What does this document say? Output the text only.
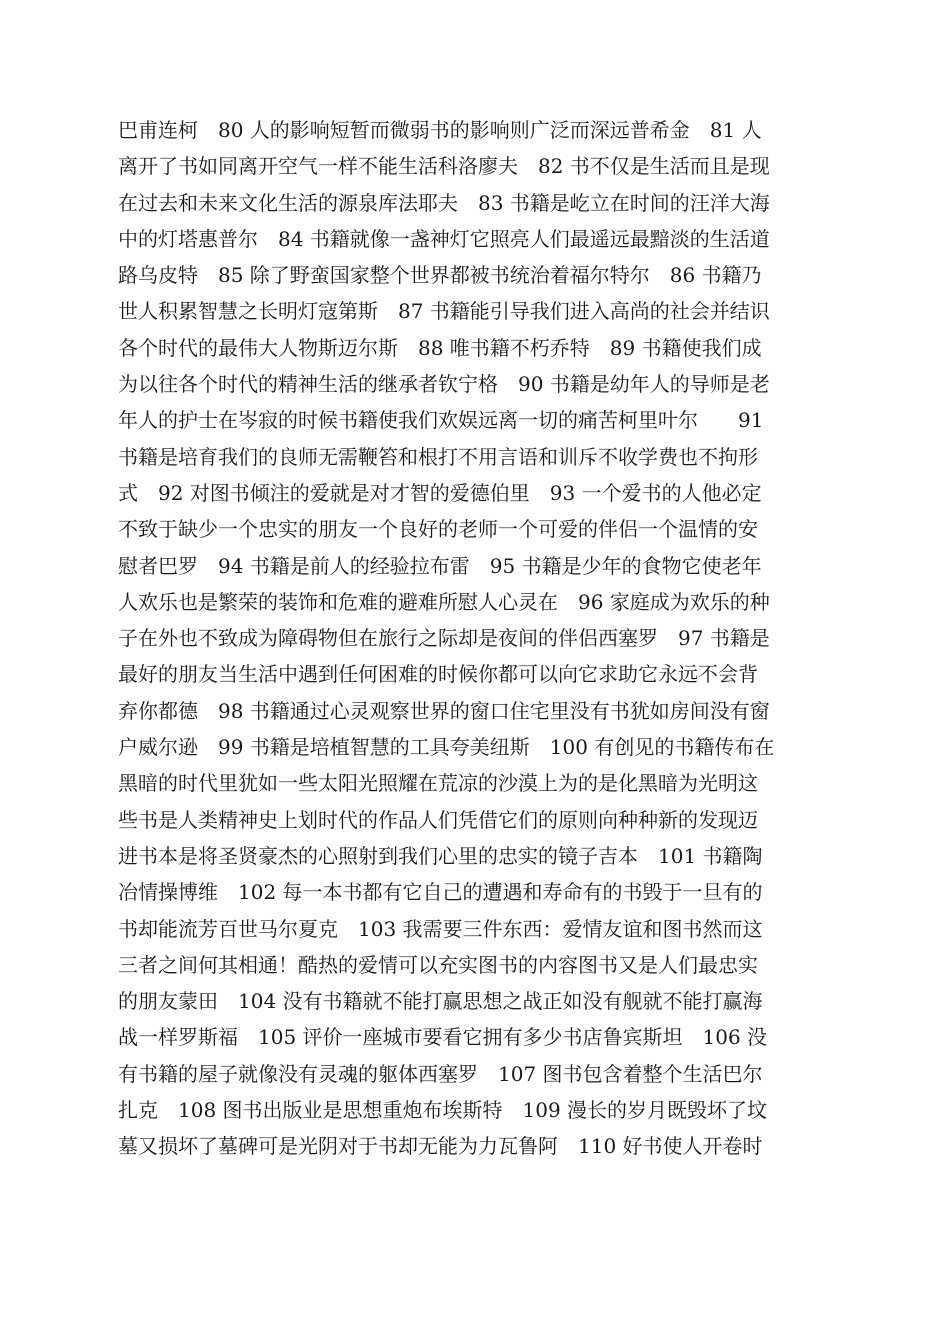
巴甫连柯　80 人的影响短暂而微弱书的影响则广泛而深远普希金　81 人
离开了书如同离开空气一样不能生活科洛廖夫　82 书不仅是生活而且是现
在过去和未来文化生活的源泉库法耶夫　83 书籍是屹立在时间的汪洋大海
中的灯塔惠普尔　84 书籍就像一盏神灯它照亮人们最遥远最黯淡的生活道
路乌皮特　85 除了野蛮国家整个世界都被书统治着福尔特尔　86 书籍乃
世人积累智慧之长明灯寇第斯　87 书籍能引导我们进入高尚的社会并结识
各个时代的最伟大人物斯迈尔斯　88 唯书籍不朽乔特　89 书籍使我们成
为以往各个时代的精神生活的继承者钦宁格　90 书籍是幼年人的导师是老
年人的护士在岑寂的时候书籍使我们欢娱远离一切的痛苦柯里叶尔　　91
书籍是培育我们的良师无需鞭笞和根打不用言语和训斥不收学费也不拘形
式　92 对图书倾注的爱就是对才智的爱德伯里　93 一个爱书的人他必定
不致于缺少一个忠实的朋友一个良好的老师一个可爱的伴侣一个温情的安
慰者巴罗　94 书籍是前人的经验拉布雷　95 书籍是少年的食物它使老年
人欢乐也是繁荣的装饰和危难的避难所慰人心灵在　96 家庭成为欢乐的种
子在外也不致成为障碍物但在旅行之际却是夜间的伴侣西塞罗　97 书籍是
最好的朋友当生活中遇到任何困难的时候你都可以向它求助它永远不会背
弃你都德　98 书籍通过心灵观察世界的窗口住宅里没有书犹如房间没有窗
户威尔逊　99 书籍是培植智慧的工具夸美纽斯　100 有创见的书籍传布在
黑暗的时代里犹如一些太阳光照耀在荒凉的沙漠上为的是化黑暗为光明这
些书是人类精神史上划时代的作品人们凭借它们的原则向种种新的发现迈
进书本是将圣贤豪杰的心照射到我们心里的忠实的镜子吉本　101 书籍陶
冶情操博维　102 每一本书都有它自己的遭遇和寿命有的书毁于一旦有的
书却能流芳百世马尔夏克　103 我需要三件东西：爱情友谊和图书然而这
三者之间何其相通！酷热的爱情可以充实图书的内容图书又是人们最忠实
的朋友蒙田　104 没有书籍就不能打赢思想之战正如没有舰就不能打赢海
战一样罗斯福　105 评价一座城市要看它拥有多少书店鲁宾斯坦　106 没
有书籍的屋子就像没有灵魂的躯体西塞罗　107 图书包含着整个生活巴尔
扎克　108 图书出版业是思想重炮布埃斯特　109 漫长的岁月既毁坏了坟
墓又损坏了墓碑可是光阴对于书却无能为力瓦鲁阿　110 好书使人开卷时
